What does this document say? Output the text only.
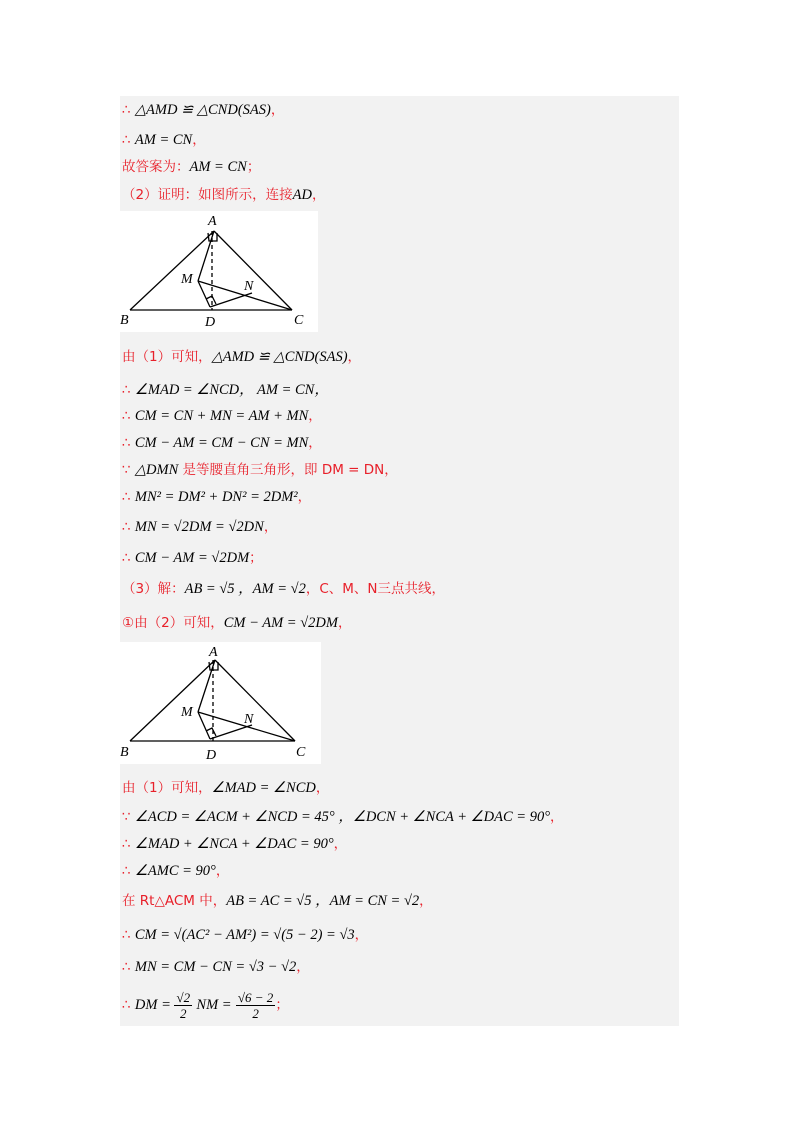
∴ △AMD ≌ △CND(SAS)，
∴ AM = CN，
故答案为：AM = CN；
（2）证明：如图所示，连接AD，
A
B	C
D
M	N
由（1）可知，△AMD ≌ △CND(SAS)，
∴ ∠MAD = ∠NCD， AM = CN，
∴ CM = CN + MN = AM + MN，
∴ CM − AM = CM − CN = MN，
∵ △DMN 是等腰直角三角形，即 DM = DN，
∴ MN² = DM² + DN² = 2DM²，
∴ MN = √2DM = √2DN，
∴ CM − AM = √2DM；
（3）解：AB = √5 ，AM = √2，C、M、N三点共线，
①由（2）可知，CM − AM = √2DM，
A
B	C
D
M	N
由（1）可知，∠MAD = ∠NCD，
∵ ∠ACD = ∠ACM + ∠NCD = 45° ，∠DCN + ∠NCA + ∠DAC = 90°，
∴ ∠MAD + ∠NCA + ∠DAC = 90°，
∴ ∠AMC = 90°，
在 Rt△ACM 中，AB = AC = √5 ，AM = CN = √2，
∴ CM = √(AC² − AM²) = √(5 − 2) = √3，
∴ MN = CM − CN = √3 − √2，
∴ DM = $\frac{√2}{2}$ NM = $\frac{√6 - 2}{2}$ ；
